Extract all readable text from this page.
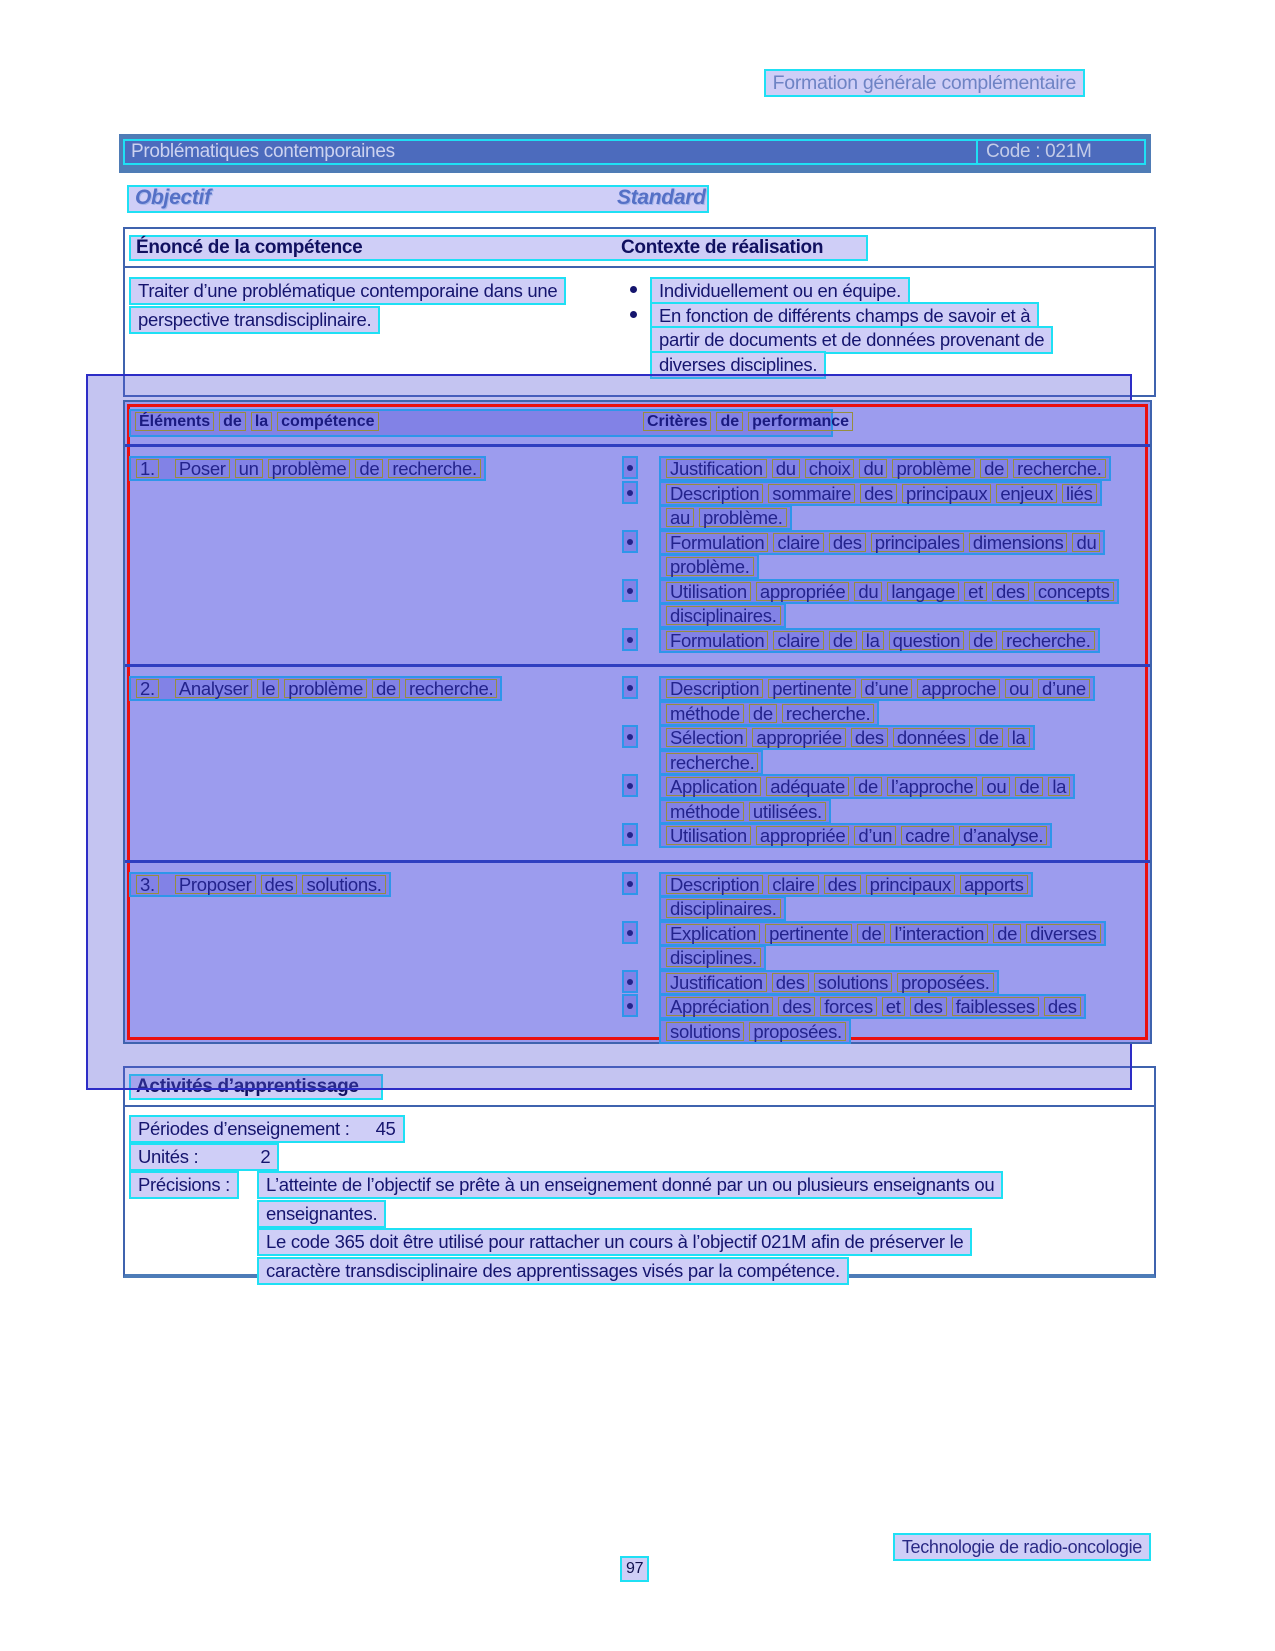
Formation générale complémentaire
Problématiques contemporaines	Code : 021M
Objectif	Standard
Énoncé de la compétence	Contexte de réalisation
Traiter d’une problématique contemporaine dans une
perspective transdisciplinaire.
Individuellement ou en équipe.
En fonction de différents champs de savoir et à
partir de documents et de données provenant de
diverses disciplines.
Éléments de la compétence	Critères de performance
1. Poser un problème de recherche.	Justification du choix du problème de recherche.
Description sommaire des principaux enjeux liés
au problème.
Formulation claire des principales dimensions du
problème.
Utilisation appropriée du langage et des concepts
disciplinaires.
Formulation claire de la question de recherche.
2. Analyser le problème de recherche.	Description pertinente d’une approche ou d’une
méthode de recherche.
Sélection appropriée des données de la
recherche.
Application adéquate de l’approche ou de la
méthode utilisées.
Utilisation appropriée d’un cadre d’analyse.
3. Proposer des solutions.	Description claire des principaux apports
disciplinaires.
Explication pertinente de l’interaction de diverses
disciplines.
Justification des solutions proposées.
Appréciation des forces et des faiblesses des
solutions proposées.
Activités d’apprentissage
Périodes d’enseignement : 45
Unités :	2
Précisions :	L’atteinte de l’objectif se prête à un enseignement donné par un ou plusieurs enseignants ou
enseignantes.
Le code 365 doit être utilisé pour rattacher un cours à l’objectif 021M afin de préserver le
caractère transdisciplinaire des apprentissages visés par la compétence.
Technologie de radio-oncologie
97
